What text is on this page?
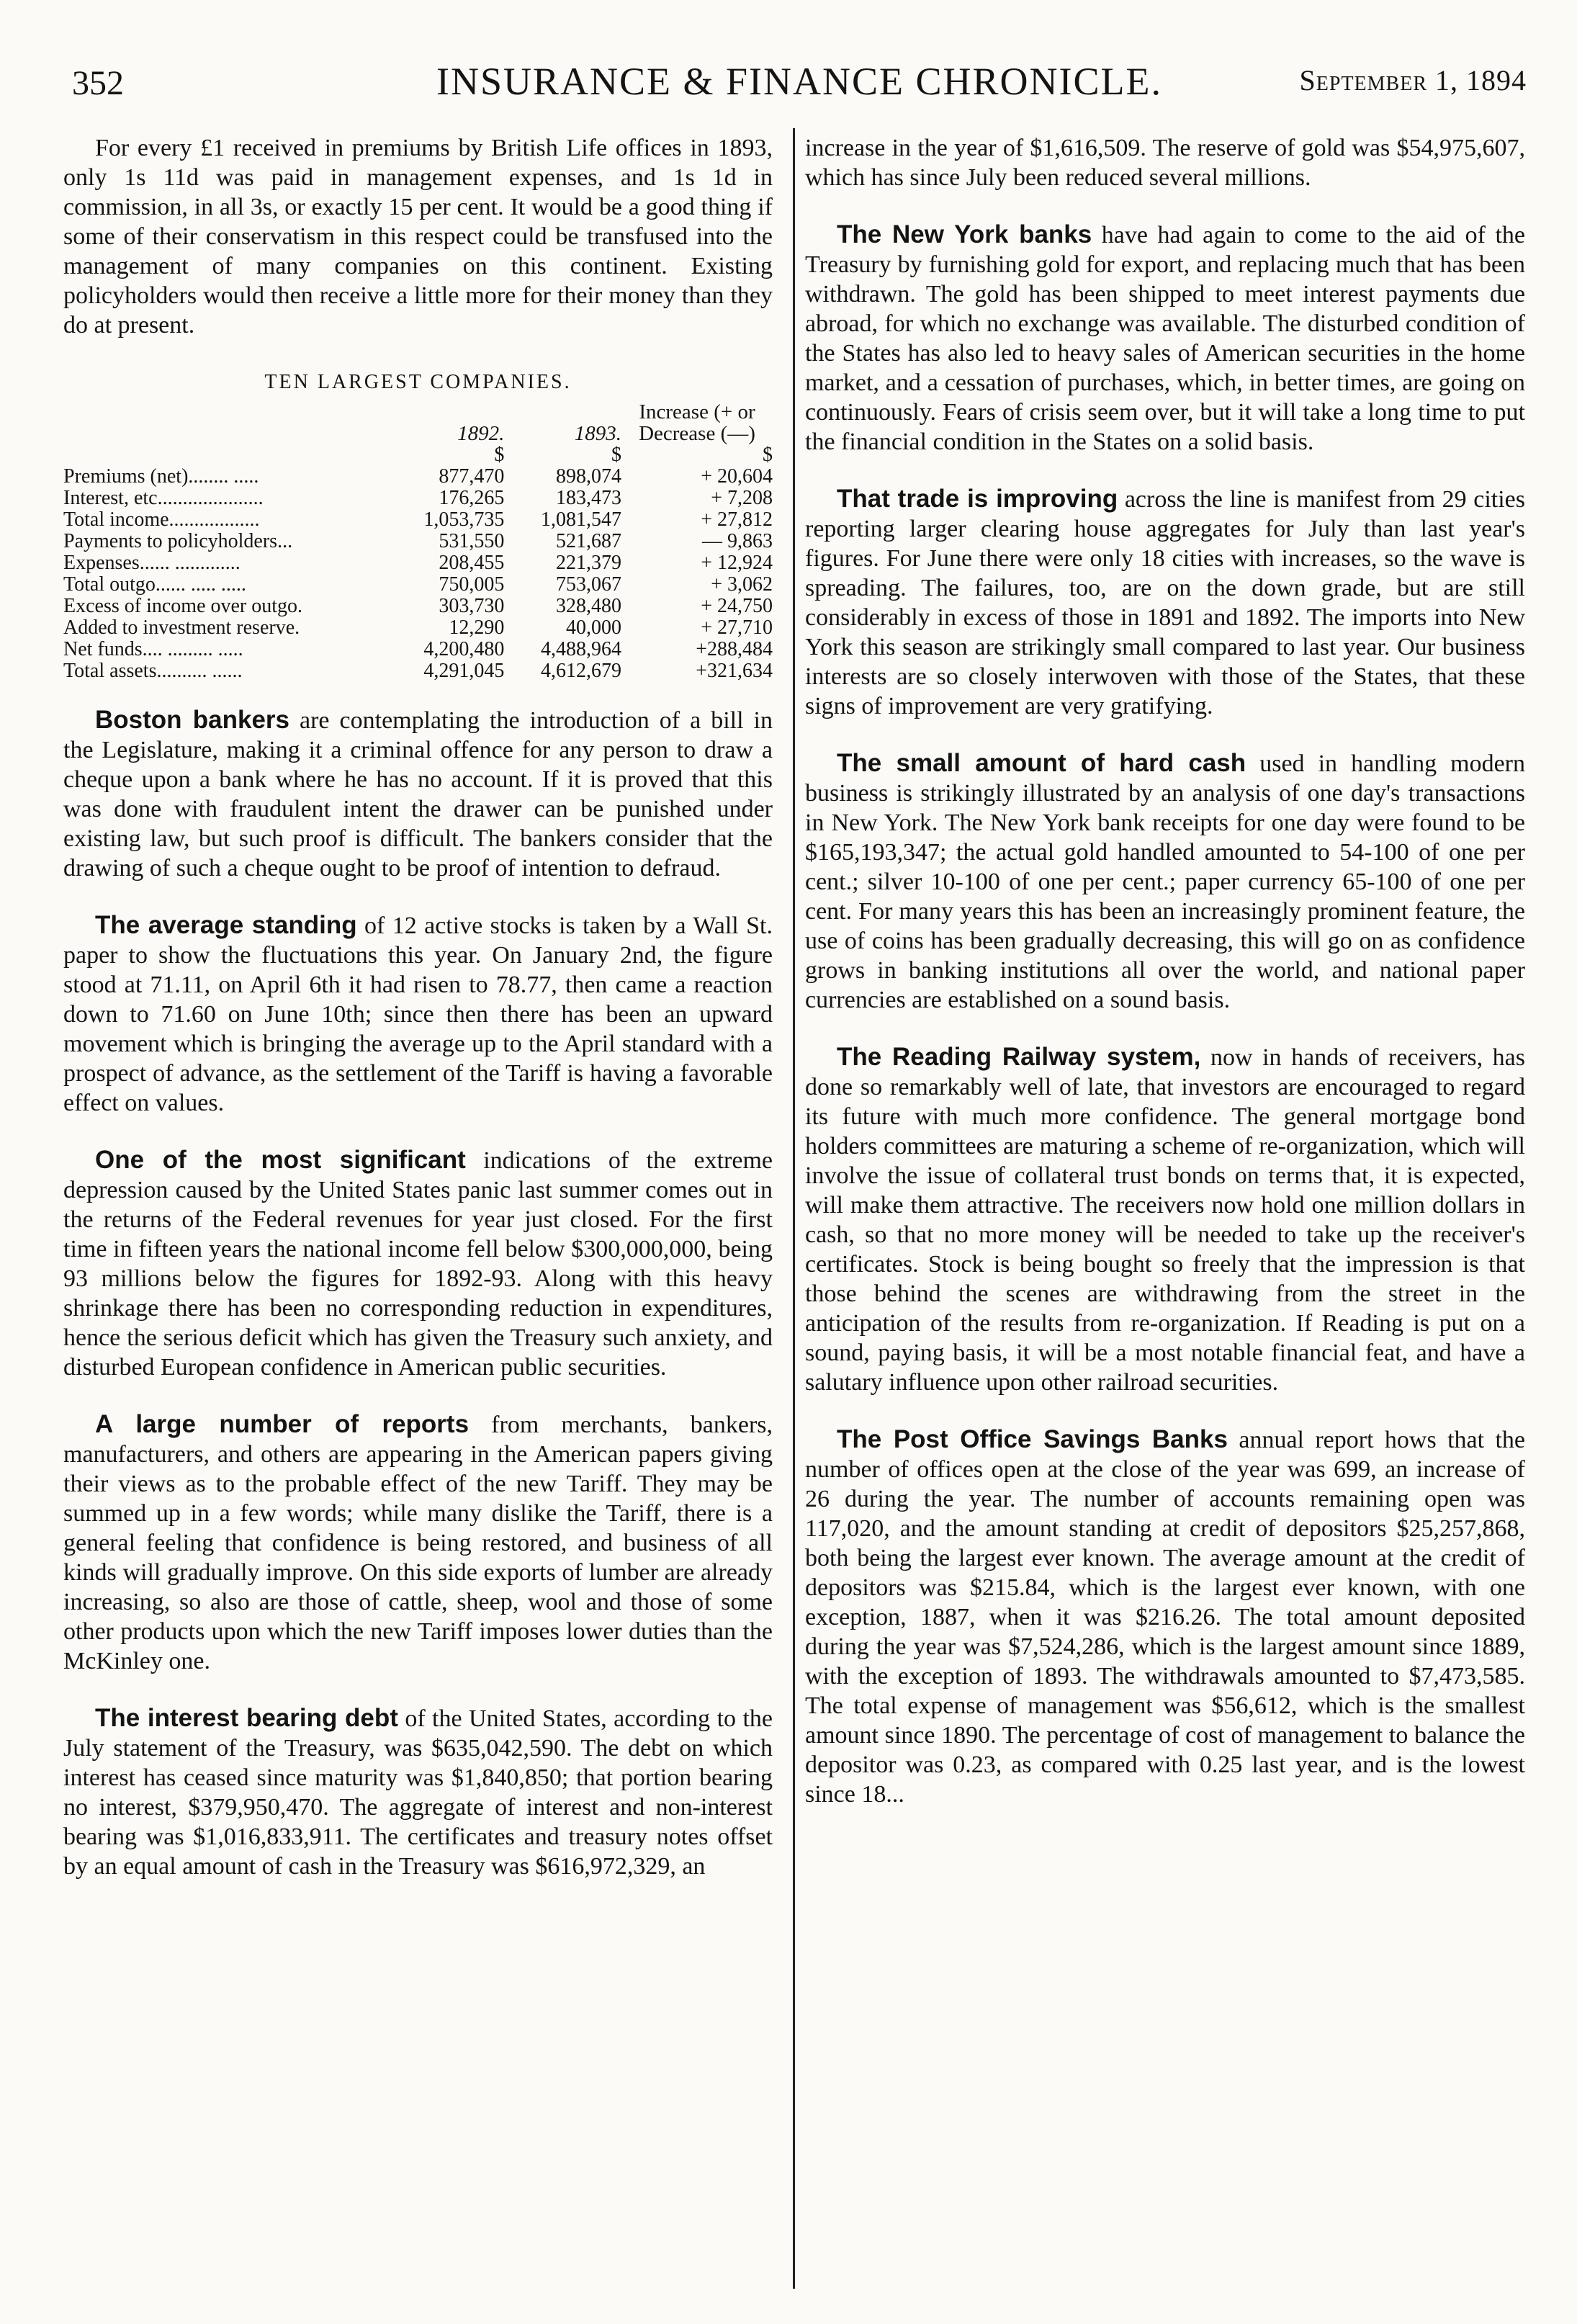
352	INSURANCE & FINANCE CHRONICLE.	September 1, 1894

For every £1 received in premiums by British Life offices in 1893, only 1s 11d was paid in management expenses, and 1s 1d in commission, in all 3s, or exactly 15 per cent. It would be a good thing if some of their conservatism in this respect could be transfused into the management of many companies on this continent. Existing policyholders would then receive a little more for their money than they do at present.

TEN LARGEST COMPANIES.
	1892.	1893.	Increase (+ or Decrease (—)
	$	$	$
Premiums (net)........ .....	877,470	898,074	+ 20,604
Interest, etc.....................	176,265	183,473	+ 7,208
Total income..................	1,053,735	1,081,547	+ 27,812
Payments to policyholders...	531,550	521,687	— 9,863
Expenses...... .............	208,455	221,379	+ 12,924
Total outgo...... ..... .....	750,005	753,067	+ 3,062
Excess of income over outgo.	303,730	328,480	+ 24,750
Added to investment reserve.	12,290	40,000	+ 27,710
Net funds.... ......... .....	4,200,480	4,488,964	+288,484
Total assets.......... ......	4,291,045	4,612,679	+321,634

Boston bankers are contemplating the introduction of a bill in the Legislature, making it a criminal offence for any person to draw a cheque upon a bank where he has no account. If it is proved that this was done with fraudulent intent the drawer can be punished under existing law, but such proof is difficult. The bankers consider that the drawing of such a cheque ought to be proof of intention to defraud.

The average standing of 12 active stocks is taken by a Wall St. paper to show the fluctuations this year. On January 2nd, the figure stood at 71.11, on April 6th it had risen to 78.77, then came a reaction down to 71.60 on June 10th; since then there has been an upward movement which is bringing the average up to the April standard with a prospect of advance, as the settlement of the Tariff is having a favorable effect on values.

One of the most significant indications of the extreme depression caused by the United States panic last summer comes out in the returns of the Federal revenues for year just closed. For the first time in fifteen years the national income fell below $300,000,000, being 93 millions below the figures for 1892-93. Along with this heavy shrinkage there has been no corresponding reduction in expenditures, hence the serious deficit which has given the Treasury such anxiety, and disturbed European confidence in American public securities.

A large number of reports from merchants, bankers, manufacturers, and others are appearing in the American papers giving their views as to the probable effect of the new Tariff. They may be summed up in a few words; while many dislike the Tariff, there is a general feeling that confidence is being restored, and business of all kinds will gradually improve. On this side exports of lumber are already increasing, so also are those of cattle, sheep, wool and those of some other products upon which the new Tariff imposes lower duties than the McKinley one.

The interest bearing debt of the United States, according to the July statement of the Treasury, was $635,042,590. The debt on which interest has ceased since maturity was $1,840,850; that portion bearing no interest, $379,950,470. The aggregate of interest and non-interest bearing was $1,016,833,911. The certificates and treasury notes offset by an equal amount of cash in the Treasury was $616,972,329, an

increase in the year of $1,616,509. The reserve of gold was $54,975,607, which has since July been reduced several millions.

The New York banks have had again to come to the aid of the Treasury by furnishing gold for export, and replacing much that has been withdrawn. The gold has been shipped to meet interest payments due abroad, for which no exchange was available. The disturbed condition of the States has also led to heavy sales of American securities in the home market, and a cessation of purchases, which, in better times, are going on continuously. Fears of crisis seem over, but it will take a long time to put the financial condition in the States on a solid basis.

That trade is improving across the line is manifest from 29 cities reporting larger clearing house aggregates for July than last year's figures. For June there were only 18 cities with increases, so the wave is spreading. The failures, too, are on the down grade, but are still considerably in excess of those in 1891 and 1892. The imports into New York this season are strikingly small compared to last year. Our business interests are so closely interwoven with those of the States, that these signs of improvement are very gratifying.

The small amount of hard cash used in handling modern business is strikingly illustrated by an analysis of one day's transactions in New York. The New York bank receipts for one day were found to be $165,193,347; the actual gold handled amounted to 54-100 of one per cent.; silver 10-100 of one per cent.; paper currency 65-100 of one per cent. For many years this has been an increasingly prominent feature, the use of coins has been gradually decreasing, this will go on as confidence grows in banking institutions all over the world, and national paper currencies are established on a sound basis.

The Reading Railway system, now in hands of receivers, has done so remarkably well of late, that investors are encouraged to regard its future with much more confidence. The general mortgage bond holders committees are maturing a scheme of re-organization, which will involve the issue of collateral trust bonds on terms that, it is expected, will make them attractive. The receivers now hold one million dollars in cash, so that no more money will be needed to take up the receiver's certificates. Stock is being bought so freely that the impression is that those behind the scenes are withdrawing from the street in the anticipation of the results from re-organization. If Reading is put on a sound, paying basis, it will be a most notable financial feat, and have a salutary influence upon other railroad securities.

The Post Office Savings Banks annual report hows that the number of offices open at the close of the year was 699, an increase of 26 during the year. The number of accounts remaining open was 117,020, and the amount standing at credit of depositors $25,257,868, both being the largest ever known. The average amount at the credit of depositors was $215.84, which is the largest ever known, with one exception, 1887, when it was $216.26. The total amount deposited during the year was $7,524,286, which is the largest amount since 1889, with the exception of 1893. The withdrawals amounted to $7,473,585. The total expense of management was $56,612, which is the smallest amount since 1890. The percentage of cost of management to balance the depositor was 0.23, as compared with 0.25 last year, and is the lowest since 18...
